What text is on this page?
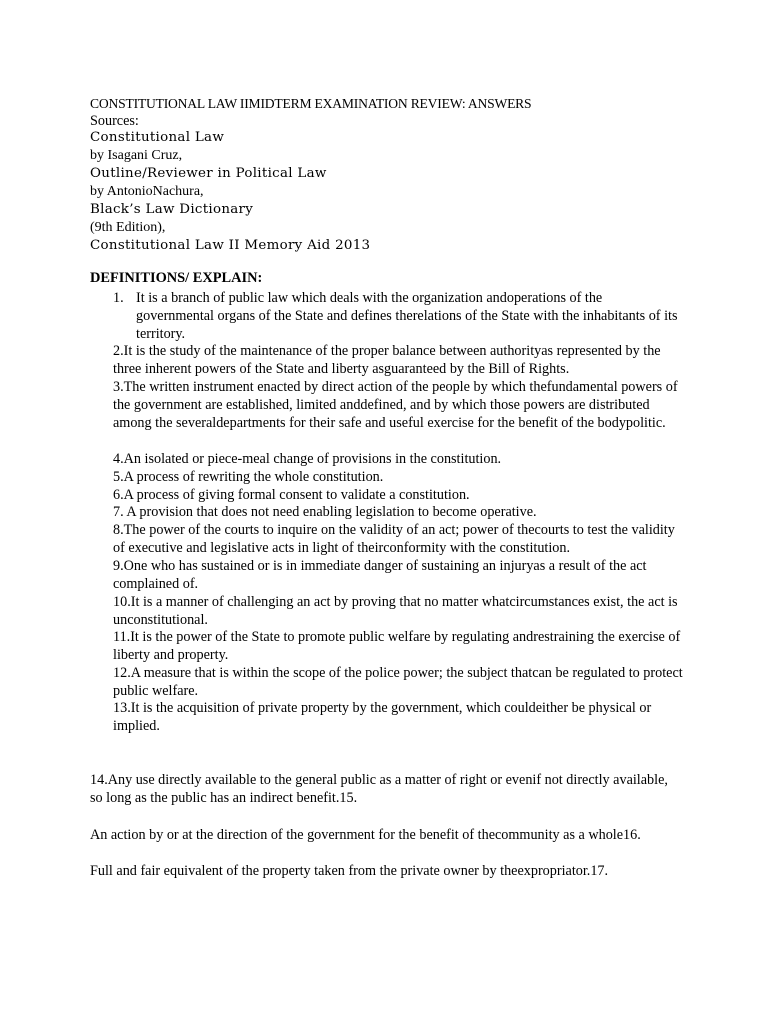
CONSTITUTIONAL LAW IIMIDTERM EXAMINATION REVIEW: ANSWERS
Sources:
Constitutional Law
by Isagani Cruz,
Outline/Reviewer in Political Law
by AntonioNachura,
Black’s Law Dictionary
(9th Edition),
Constitutional Law II Memory Aid 2013
DEFINITIONS/ EXPLAIN:
1. It is a branch of public law which deals with the organization andoperations of the governmental organs of the State and defines therelations of the State with the inhabitants of its territory.
2.It is the study of the maintenance of the proper balance between authorityas represented by the three inherent powers of the State and liberty asguaranteed by the Bill of Rights.
3.The written instrument enacted by direct action of the people by which thefundamental powers of the government are established, limited anddefined, and by which those powers are distributed among the severaldepartments for their safe and useful exercise for the benefit of the bodypolitic.
4.An isolated or piece-meal change of provisions in the constitution.
5.A process of rewriting the whole constitution.
6.A process of giving formal consent to validate a constitution.
7. A provision that does not need enabling legislation to become operative.
8.The power of the courts to inquire on the validity of an act; power of thecourts to test the validity of executive and legislative acts in light of theirconformity with the constitution.
9.One who has sustained or is in immediate danger of sustaining an injuryas a result of the act complained of.
10.It is a manner of challenging an act by proving that no matter whatcircumstances exist, the act is unconstitutional.
11.It is the power of the State to promote public welfare by regulating andrestraining the exercise of liberty and property.
12.A measure that is within the scope of the police power; the subject thatcan be regulated to protect public welfare.
13.It is the acquisition of private property by the government, which couldeither be physical or implied.
14.Any use directly available to the general public as a matter of right or evenif not directly available, so long as the public has an indirect benefit.15.
An action by or at the direction of the government for the benefit of thecommunity as a whole16.
Full and fair equivalent of the property taken from the private owner by theexpropriator.17.
